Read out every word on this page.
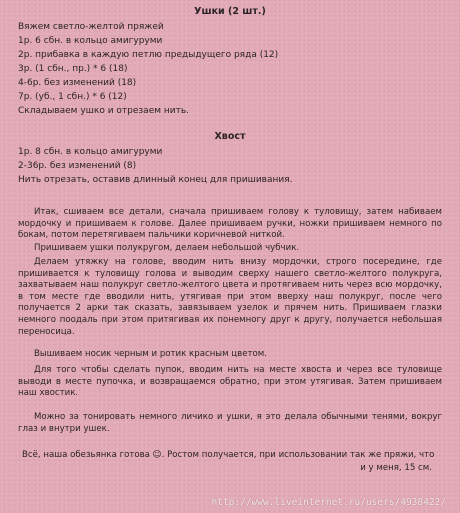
Ушки (2 шт.)
Вяжем светло-желтой пряжей
1р. 6 сбн. в кольцо амигуруми
2р. прибавка в каждую петлю предыдущего ряда (12)
3р. (1 сбн., пр.) * 6 (18)
4-6р. без изменений (18)
7р. (уб., 1 сбн.) * 6 (12)
Складываем ушко и отрезаем нить.
Хвост
1р. 8 сбн. в кольцо амигуруми
2-36р. без изменений (8)
Нить отрезать, оставив длинный конец для пришивания.
Итак, сшиваем все детали, сначала пришиваем голову к туловищу, затем набиваем мордочку и пришиваем к голове. Далее пришиваем ручки, ножки пришиваем немного по бокам, потом перетягиваем пальчики коричневой ниткой.
Пришиваем ушки полукругом, делаем небольшой чубчик.
Делаем утяжку на голове, вводим нить внизу мордочки, строго посередине, где пришивается к туловищу голова и выводим сверху нашего светло-желтого полукруга, захватываем наш полукруг светло-желтого цвета и протягиваем нить через всю мордочку, в том месте где вводили нить, утягивая при этом вверху наш полукруг, после чего получается 2 арки так сказать, завязываем узелок и прячем нить. Пришиваем глазки немного поодаль при этом притягивая их понемногу друг к другу, получается небольшая переносица.
Вышиваем носик черным и ротик красным цветом.
Для того чтобы сделать пупок, вводим нить на месте хвоста и через все туловище выводи в месте пупочка, и возвращаемся обратно, при этом утягивая. Затем пришиваем наш хвостик.
Можно за тонировать немного личико и ушки, я это делала обычными тенями, вокруг глаз и внутри ушек.
Всё, наша обезьянка готова ☺. Ростом получается, при использовании так же пряжи, что
и у меня, 15 см.
http://www.liveinternet.ru/users/4938422/
